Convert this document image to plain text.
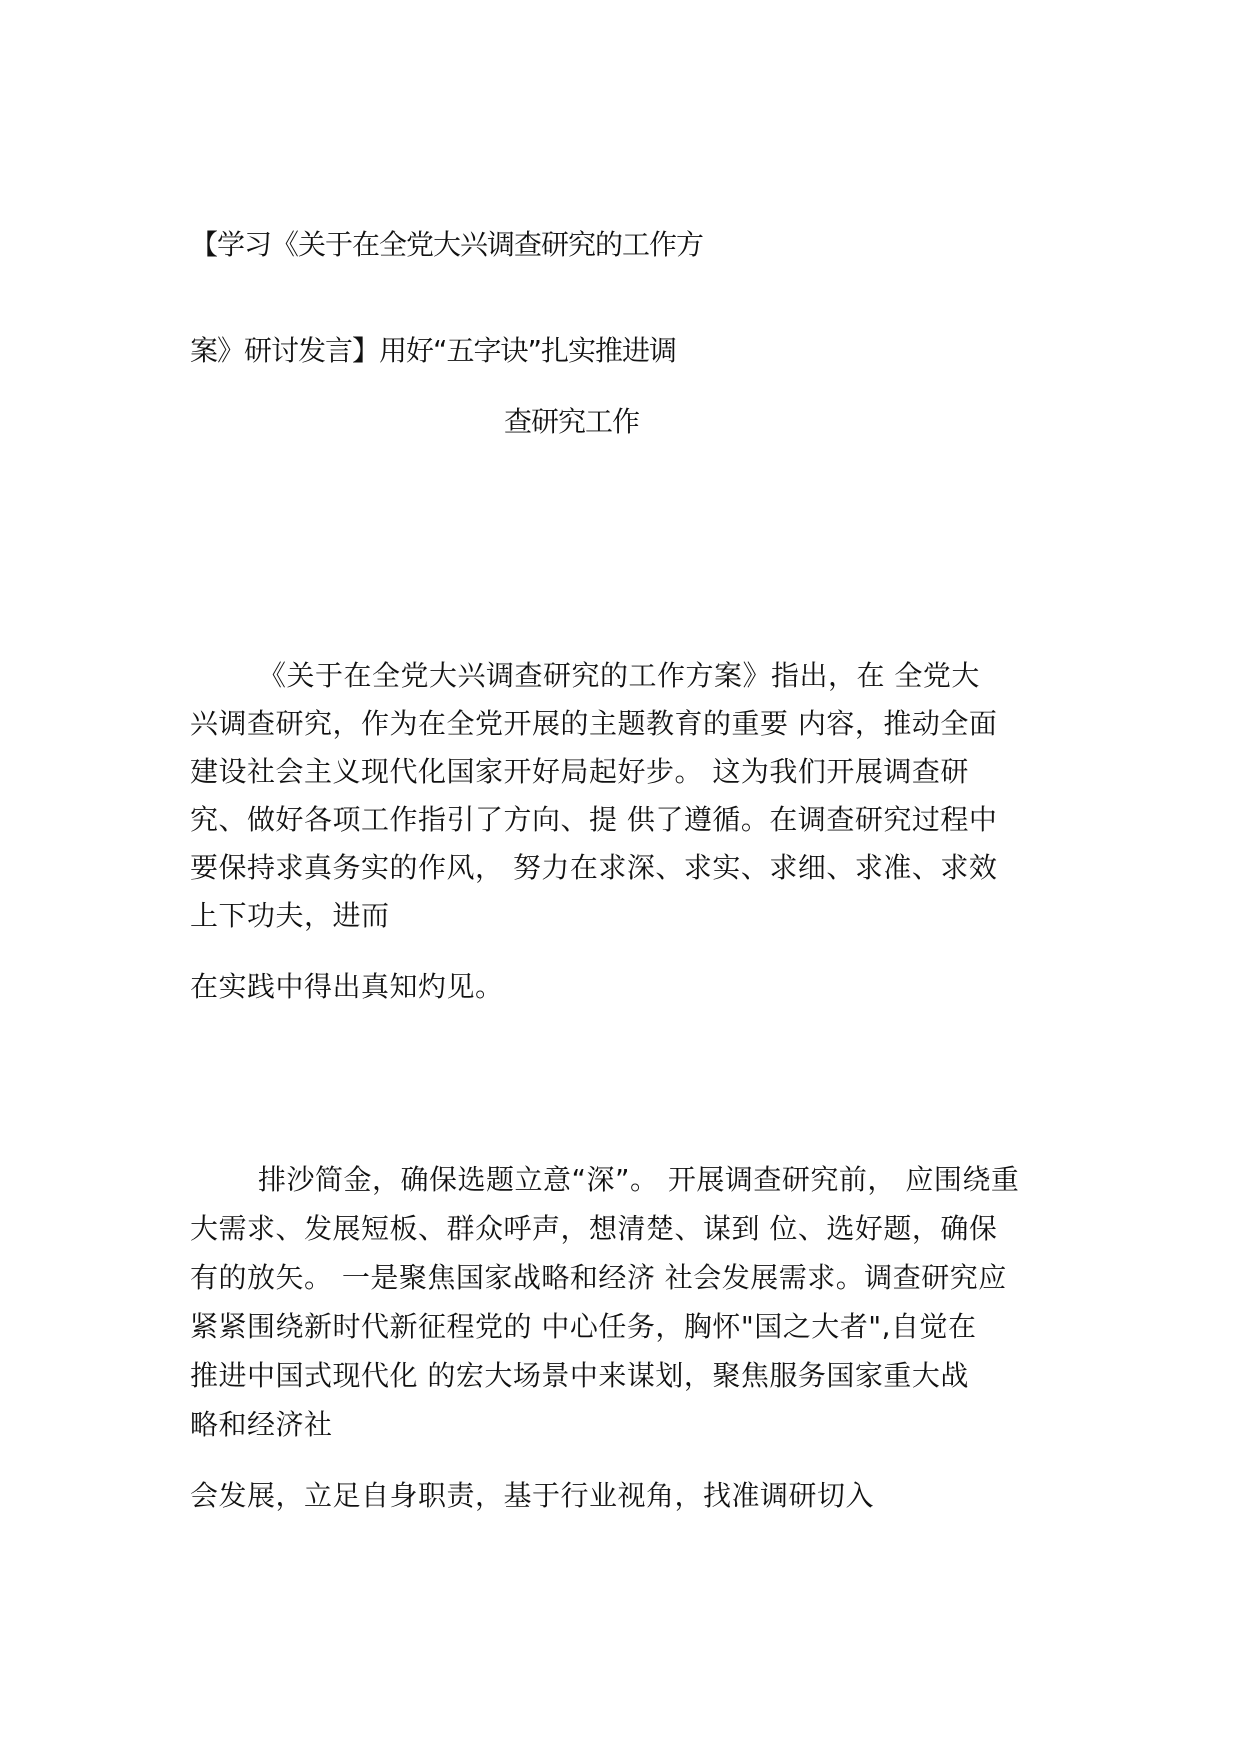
【学习《关于在全党大兴调查研究的工作方
案》研讨发言】用好“五字诀”扎实推进调
查研究工作
《关于在全党大兴调查研究的工作方案》指出，在 全党大
兴调查研究，作为在全党开展的主题教育的重要 内容，推动全面
建设社会主义现代化国家开好局起好步。 这为我们开展调查研
究、做好各项工作指引了方向、提 供了遵循。在调查研究过程中
要保持求真务实的作风， 努力在求深、求实、求细、求准、求效
上下功夫，进而
在实践中得出真知灼见。
排沙简金，确保选题立意“深”。 开展调查研究前， 应围绕重
大需求、发展短板、群众呼声，想清楚、谋到 位、选好题，确保
有的放矢。 一是聚焦国家战略和经济 社会发展需求。调查研究应
紧紧围绕新时代新征程党的 中心任务，胸怀"国之大者",自觉在
推进中国式现代化 的宏大场景中来谋划，聚焦服务国家重大战
略和经济社
会发展，立足自身职责，基于行业视角，找准调研切入
